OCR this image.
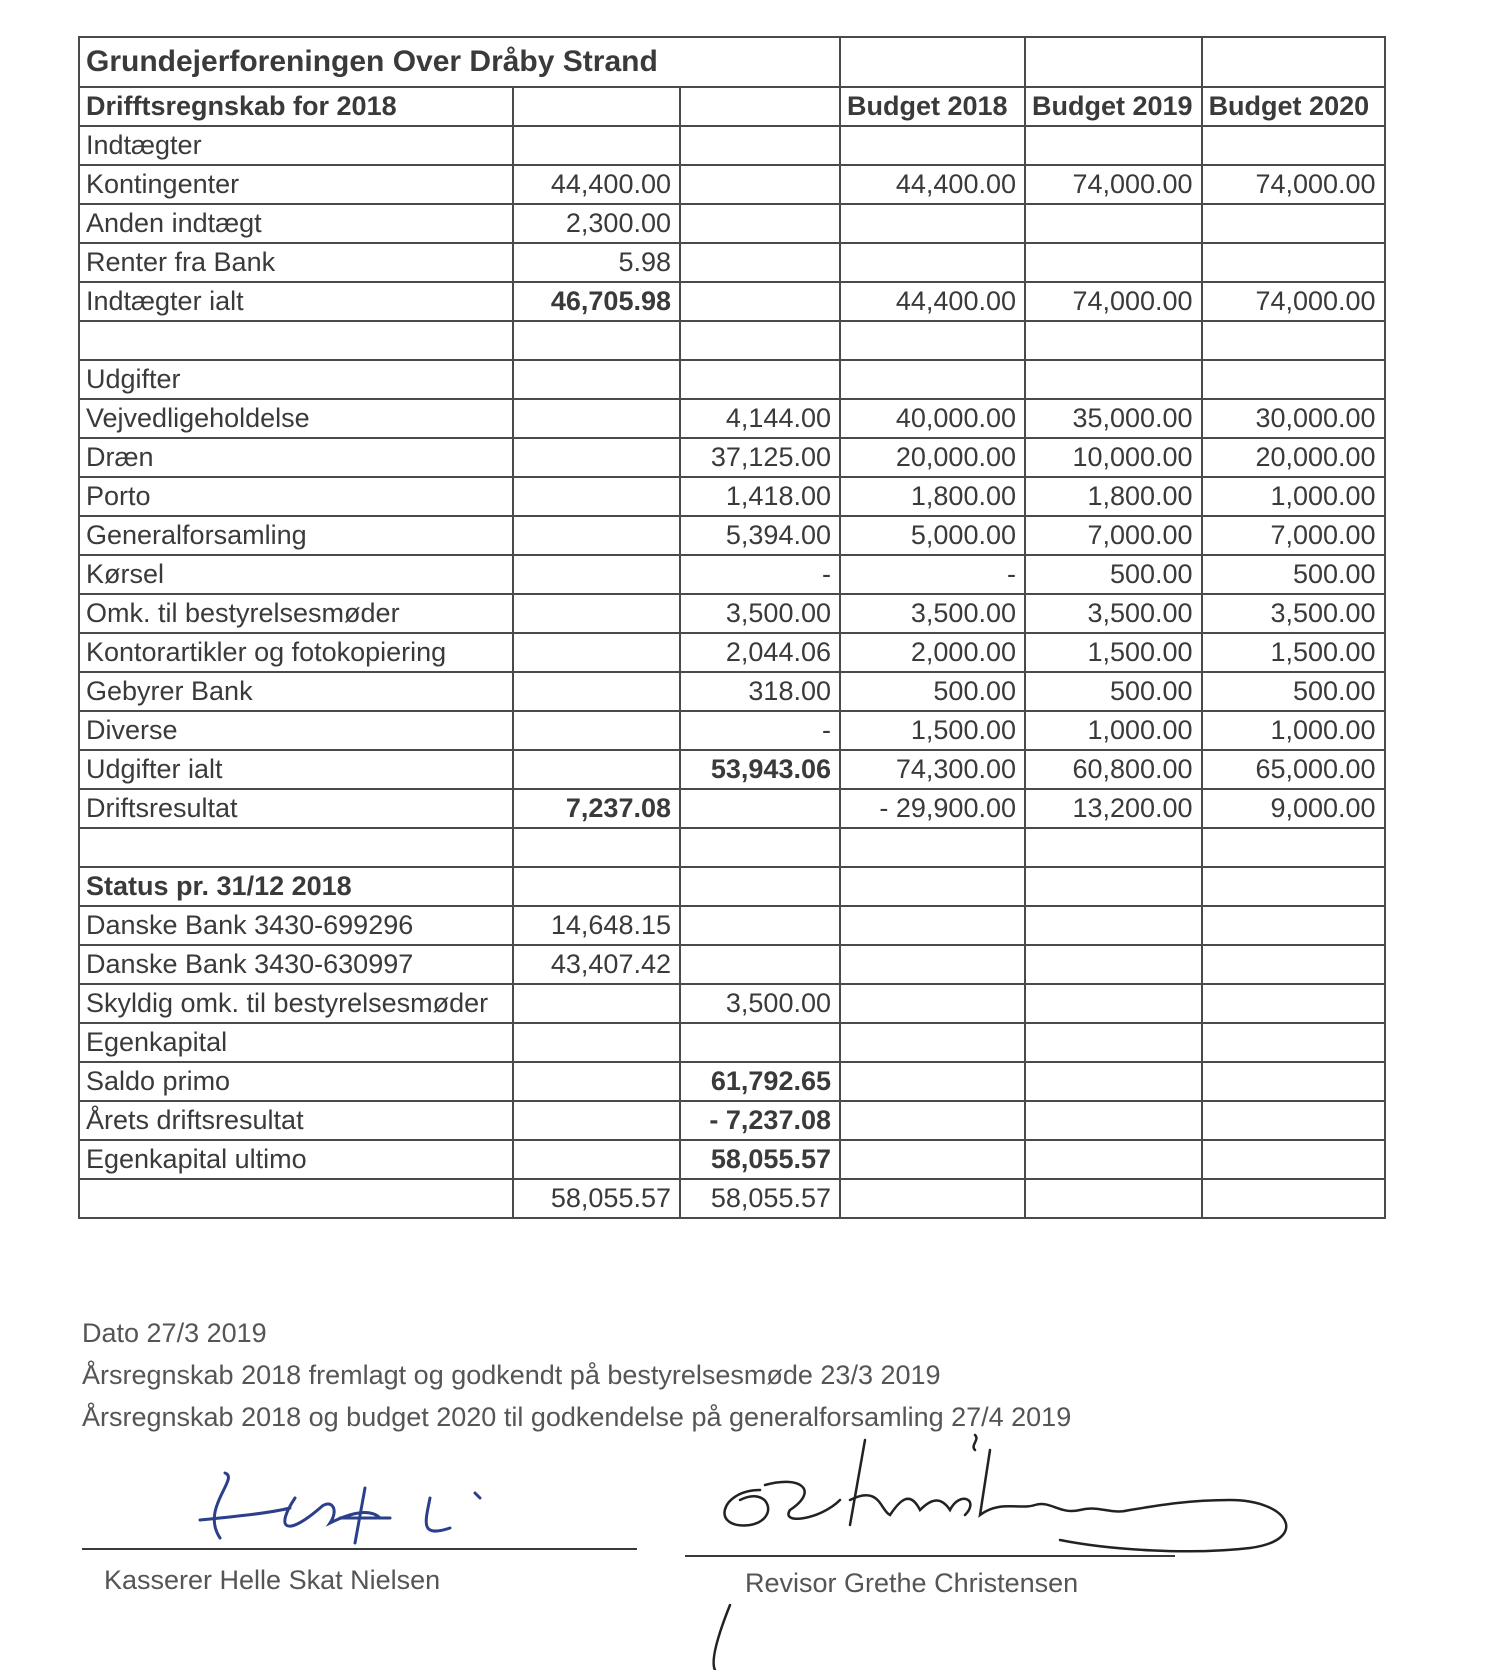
Grundejerforeningen Over Dråby Strand					
Drifftsregnskab for 2018			Budget 2018	Budget 2019	Budget 2020
Indtægter					
Kontingenter	44,400.00		44,400.00	74,000.00	74,000.00
Anden indtægt	2,300.00				
Renter fra Bank	5.98				
Indtægter ialt	46,705.98		44,400.00	74,000.00	74,000.00

Udgifter					
Vejvedligeholdelse		4,144.00	40,000.00	35,000.00	30,000.00
Dræn		37,125.00	20,000.00	10,000.00	20,000.00
Porto		1,418.00	1,800.00	1,800.00	1,000.00
Generalforsamling		5,394.00	5,000.00	7,000.00	7,000.00
Kørsel		-	-	500.00	500.00
Omk. til bestyrelsesmøder		3,500.00	3,500.00	3,500.00	3,500.00
Kontorartikler og fotokopiering		2,044.06	2,000.00	1,500.00	1,500.00
Gebyrer Bank		318.00	500.00	500.00	500.00
Diverse		-	1,500.00	1,000.00	1,000.00
Udgifter ialt		53,943.06	74,300.00	60,800.00	65,000.00
Driftsresultat	7,237.08		- 29,900.00	13,200.00	9,000.00

Status pr. 31/12 2018					
Danske Bank 3430-699296	14,648.15				
Danske Bank 3430-630997	43,407.42				
Skyldig omk. til bestyrelsesmøder		3,500.00			
Egenkapital					
Saldo primo		61,792.65			
Årets driftsresultat		- 7,237.08			
Egenkapital ultimo		58,055.57			
	58,055.57	58,055.57			
Dato 27/3 2019
Årsregnskab 2018 fremlagt og godkendt på bestyrelsesmøde 23/3 2019
Årsregnskab 2018 og budget 2020 til godkendelse på generalforsamling 27/4 2019
Kasserer Helle Skat Nielsen	Revisor Grethe Christensen
